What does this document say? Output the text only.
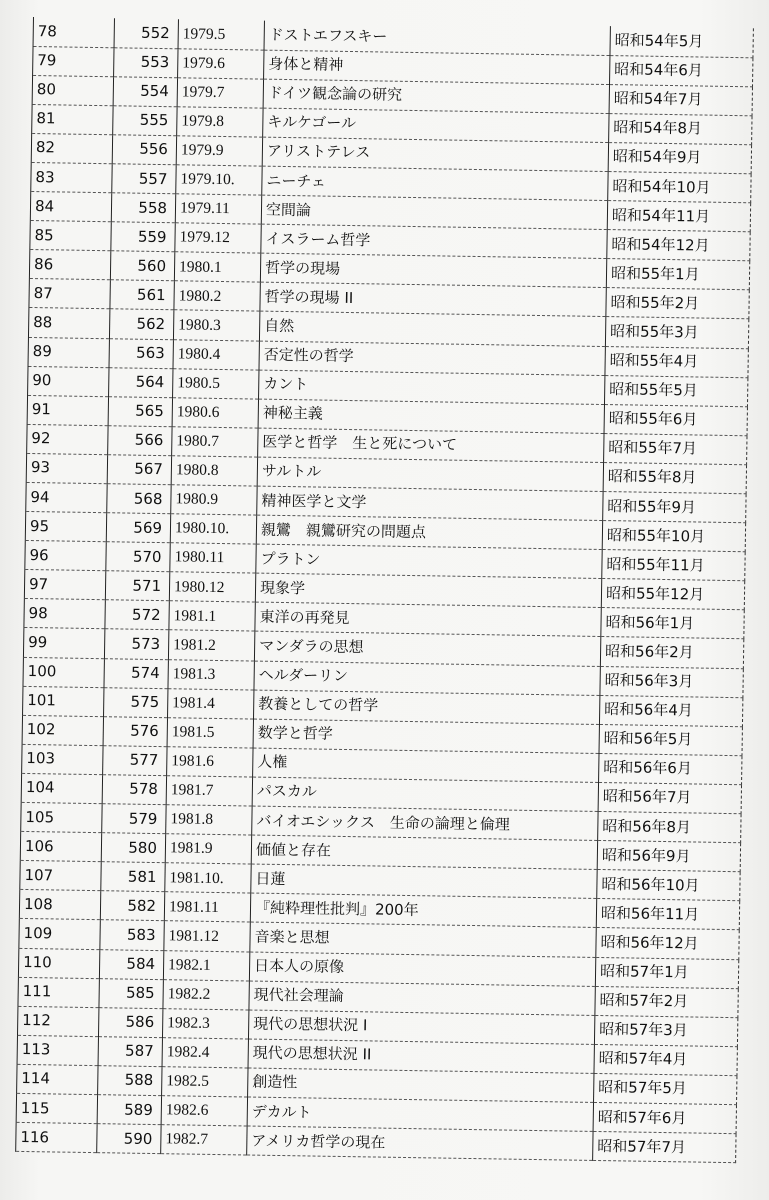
78	552	1979.5	ドストエフスキー	昭和54年5月
79	553	1979.6	身体と精神	昭和54年6月
80	554	1979.7	ドイツ観念論の研究	昭和54年7月
81	555	1979.8	キルケゴール	昭和54年8月
82	556	1979.9	アリストテレス	昭和54年9月
83	557	1979.10.	ニーチェ	昭和54年10月
84	558	1979.11	空間論	昭和54年11月
85	559	1979.12	イスラーム哲学	昭和54年12月
86	560	1980.1	哲学の現場	昭和55年1月
87	561	1980.2	哲学の現場 II	昭和55年2月
88	562	1980.3	自然	昭和55年3月
89	563	1980.4	否定性の哲学	昭和55年4月
90	564	1980.5	カント	昭和55年5月
91	565	1980.6	神秘主義	昭和55年6月
92	566	1980.7	医学と哲学　生と死について	昭和55年7月
93	567	1980.8	サルトル	昭和55年8月
94	568	1980.9	精神医学と文学	昭和55年9月
95	569	1980.10.	親鸞　親鸞研究の問題点	昭和55年10月
96	570	1980.11	プラトン	昭和55年11月
97	571	1980.12	現象学	昭和55年12月
98	572	1981.1	東洋の再発見	昭和56年1月
99	573	1981.2	マンダラの思想	昭和56年2月
100	574	1981.3	ヘルダーリン	昭和56年3月
101	575	1981.4	教養としての哲学	昭和56年4月
102	576	1981.5	数学と哲学	昭和56年5月
103	577	1981.6	人権	昭和56年6月
104	578	1981.7	パスカル	昭和56年7月
105	579	1981.8	バイオエシックス　生命の論理と倫理	昭和56年8月
106	580	1981.9	価値と存在	昭和56年9月
107	581	1981.10.	日蓮	昭和56年10月
108	582	1981.11	『純粋理性批判』200年	昭和56年11月
109	583	1981.12	音楽と思想	昭和56年12月
110	584	1982.1	日本人の原像	昭和57年1月
111	585	1982.2	現代社会理論	昭和57年2月
112	586	1982.3	現代の思想状況 I	昭和57年3月
113	587	1982.4	現代の思想状況 II	昭和57年4月
114	588	1982.5	創造性	昭和57年5月
115	589	1982.6	デカルト	昭和57年6月
116	590	1982.7	アメリカ哲学の現在	昭和57年7月
